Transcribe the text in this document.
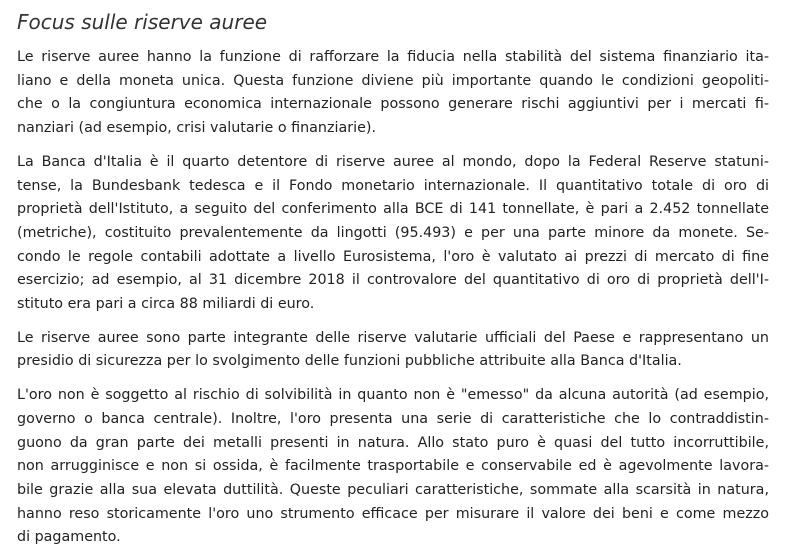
Focus sulle riserve auree
Le riserve auree hanno la funzione di rafforzare la fiducia nella stabilità del sistema finanziario ita-
liano e della moneta unica. Questa funzione diviene più importante quando le condizioni geopoliti-
che o la congiuntura economica internazionale possono generare rischi aggiuntivi per i mercati fi-
nanziari (ad esempio, crisi valutarie o finanziarie).
La Banca d'Italia è il quarto detentore di riserve auree al mondo, dopo la Federal Reserve statuni-
tense, la Bundesbank tedesca e il Fondo monetario internazionale. Il quantitativo totale di oro di
proprietà dell'Istituto, a seguito del conferimento alla BCE di 141 tonnellate, è pari a 2.452 tonnellate
(metriche), costituito prevalentemente da lingotti (95.493) e per una parte minore da monete. Se-
condo le regole contabili adottate a livello Eurosistema, l'oro è valutato ai prezzi di mercato di fine
esercizio; ad esempio, al 31 dicembre 2018 il controvalore del quantitativo di oro di proprietà dell'I-
stituto era pari a circa 88 miliardi di euro.
Le riserve auree sono parte integrante delle riserve valutarie ufficiali del Paese e rappresentano un
presidio di sicurezza per lo svolgimento delle funzioni pubbliche attribuite alla Banca d'Italia.
L'oro non è soggetto al rischio di solvibilità in quanto non è "emesso" da alcuna autorità (ad esempio,
governo o banca centrale). Inoltre, l'oro presenta una serie di caratteristiche che lo contraddistin-
guono da gran parte dei metalli presenti in natura. Allo stato puro è quasi del tutto incorruttibile,
non arrugginisce e non si ossida, è facilmente trasportabile e conservabile ed è agevolmente lavora-
bile grazie alla sua elevata duttilità. Queste peculiari caratteristiche, sommate alla scarsità in natura,
hanno reso storicamente l'oro uno strumento efficace per misurare il valore dei beni e come mezzo
di pagamento.
